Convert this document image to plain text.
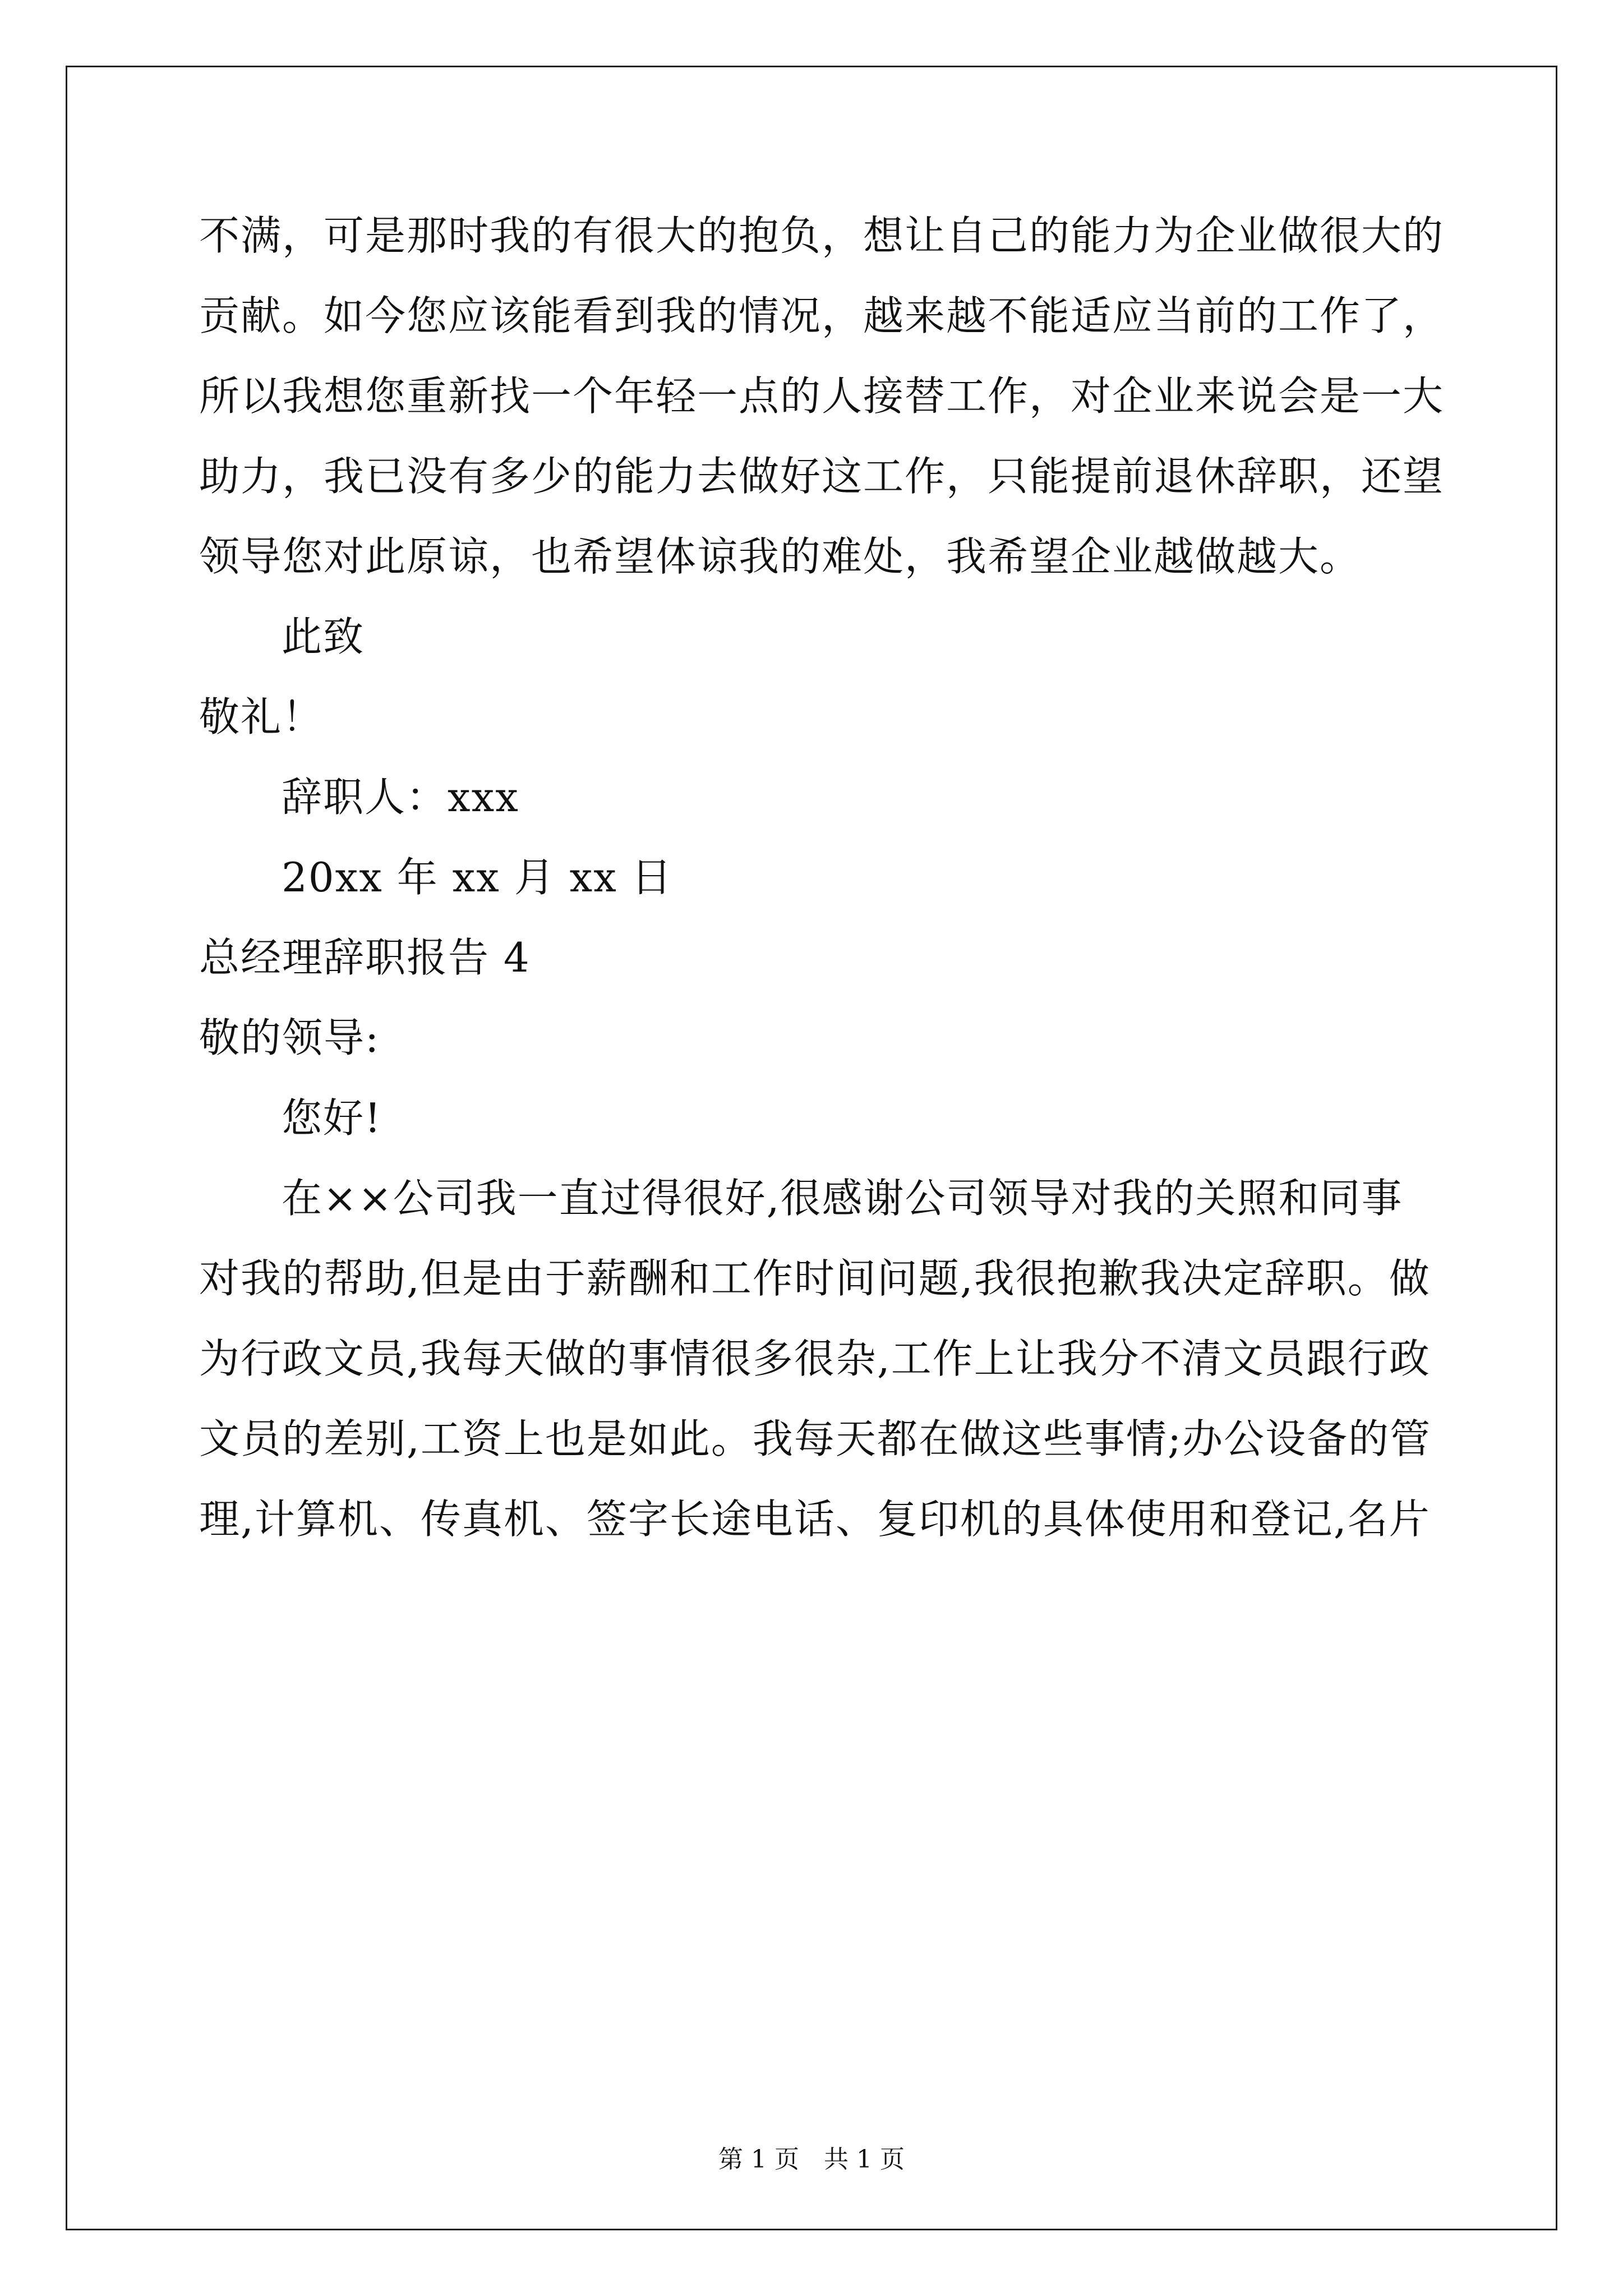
不满，可是那时我的有很大的抱负，想让自己的能力为企业做很大的
贡献。如今您应该能看到我的情况，越来越不能适应当前的工作了，
所以我想您重新找一个年轻一点的人接替工作，对企业来说会是一大
助力，我已没有多少的能力去做好这工作，只能提前退休辞职，还望
领导您对此原谅，也希望体谅我的难处，我希望企业越做越大。
此致
敬礼！
辞职人：xxx
20xx 年 xx 月 xx 日
总经理辞职报告 4
敬的领导:
您好!
在××公司我一直过得很好,很感谢公司领导对我的关照和同事
对我的帮助,但是由于薪酬和工作时间问题,我很抱歉我决定辞职。做
为行政文员,我每天做的事情很多很杂,工作上让我分不清文员跟行政
文员的差别,工资上也是如此。我每天都在做这些事情;办公设备的管
理,计算机、传真机、签字长途电话、复印机的具体使用和登记,名片
第 1 页　共 1 页
